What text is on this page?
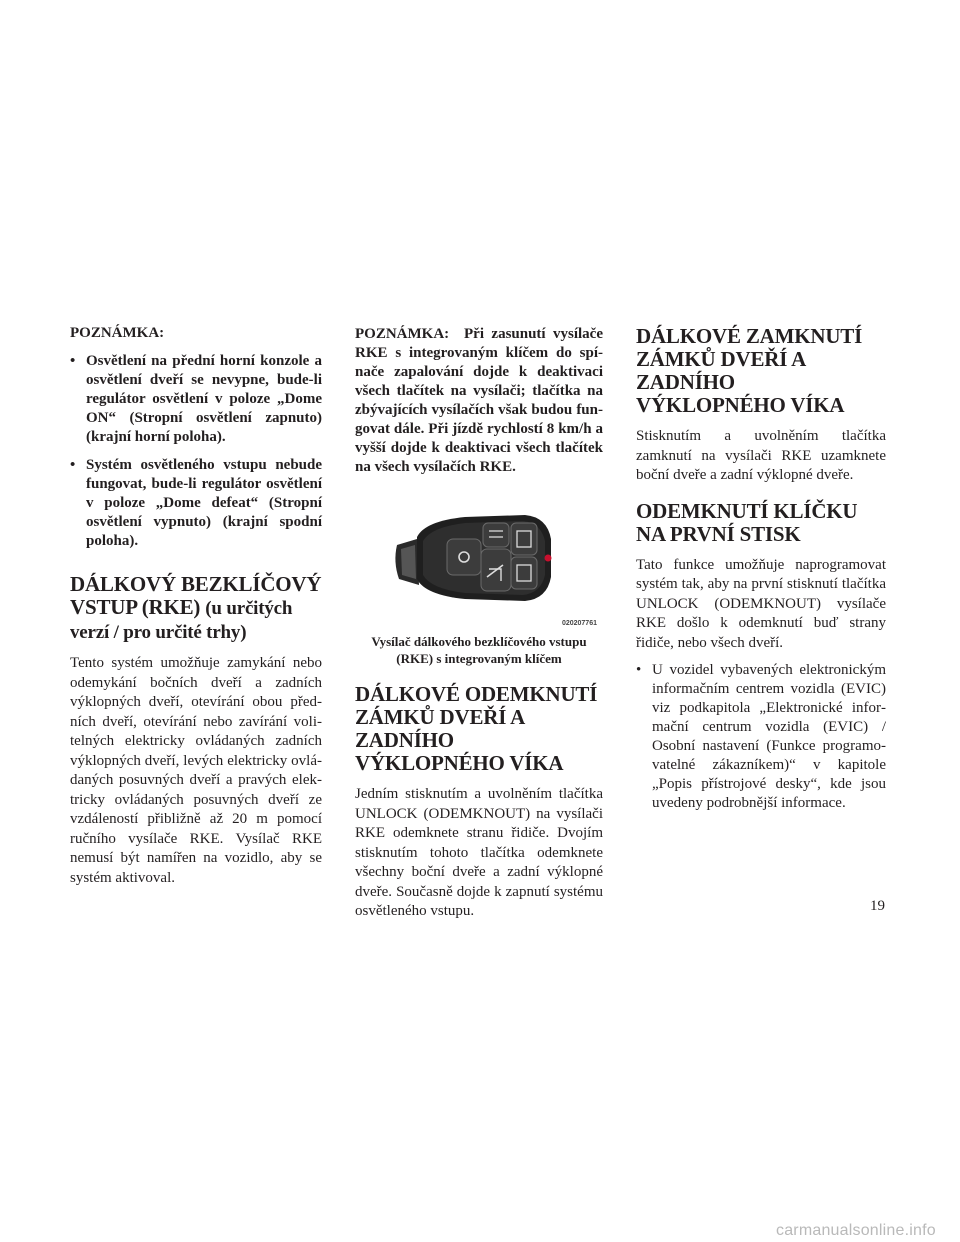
POZNÁMKA:

• Osvětlení na přední horní konzole a osvětlení dveří se nevypne, bude-li regulátor osvětlení v poloze „Dome ON“ (Stropní osvětlení zapnuto) (krajní horní poloha).
• Systém osvětleného vstupu nebude fungovat, bude-li regulátor osvětlení v poloze „Dome defeat“ (Stropní osvětlení vypnuto) (krajní spodní poloha).
DÁLKOVÝ BEZKLÍČOVÝ VSTUP (RKE) (u určitých verzí / pro určité trhy)

Tento systém umožňuje zamykání nebo odemykání bočních dveří a zadních výklopných dveří, otevírání obou předních dveří, otevírání nebo zavírání volitelných elektricky ovládaných zadních výklopných dveří, levých elektricky ovládaných posuvných dveří a pravých elektricky ovládaných posuvných dveří ze vzdáleností přibližně až 20 m pomocí ručního vysílače RKE. Vysílač RKE nemusí být namířen na vozidlo, aby se systém aktivoval.

POZNÁMKA: Při zasunutí vysílače RKE s integrovaným klíčem do spínače zapalování dojde k deaktivaci všech tlačítek na vysílači; tlačítka na zbývajících vysílačích však budou fungovat dále. Při jízdě rychlostí 8 km/h a vyšší dojde k deaktivaci všech tlačítek na všech vysílačích RKE.

020207761

Vysílač dálkového bezklíčového vstupu (RKE) s integrovaným klíčem

DÁLKOVÉ ODEMKNUTÍ ZÁMKŮ DVEŘÍ A ZADNÍHO VÝKLOPNÉHO VÍKA

Jedním stisknutím a uvolněním tlačítka UNLOCK (ODEMKNOUT) na vysílači RKE odemknete stranu řidiče. Dvojím stisknutím tohoto tlačítka odemknete všechny boční dveře a zadní výklopné dveře. Současně dojde k zapnutí systému osvětleného vstupu.

DÁLKOVÉ ZAMKNUTÍ ZÁMKŮ DVEŘÍ A ZADNÍHO VÝKLOPNÉHO VÍKA

Stisknutím a uvolněním tlačítka zamknutí na vysílači RKE uzamknete boční dveře a zadní výklopné dveře.

ODEMKNUTÍ KLÍČKU NA PRVNÍ STISK

Tato funkce umožňuje naprogramovat systém tak, aby na první stisknutí tlačítka UNLOCK (ODEMKNOUT) vysílače RKE došlo k odemknutí buď strany řidiče, nebo všech dveří.

• U vozidel vybavených elektronickým informačním centrem vozidla (EVIC) viz podkapitola „Elektronické informační centrum vozidla (EVIC) / Osobní nastavení (Funkce programovatelné zákazníkem)“ v kapitole „Popis přístrojové desky“, kde jsou uvedeny podrobnější informace.
19
carmanualsonline.info
